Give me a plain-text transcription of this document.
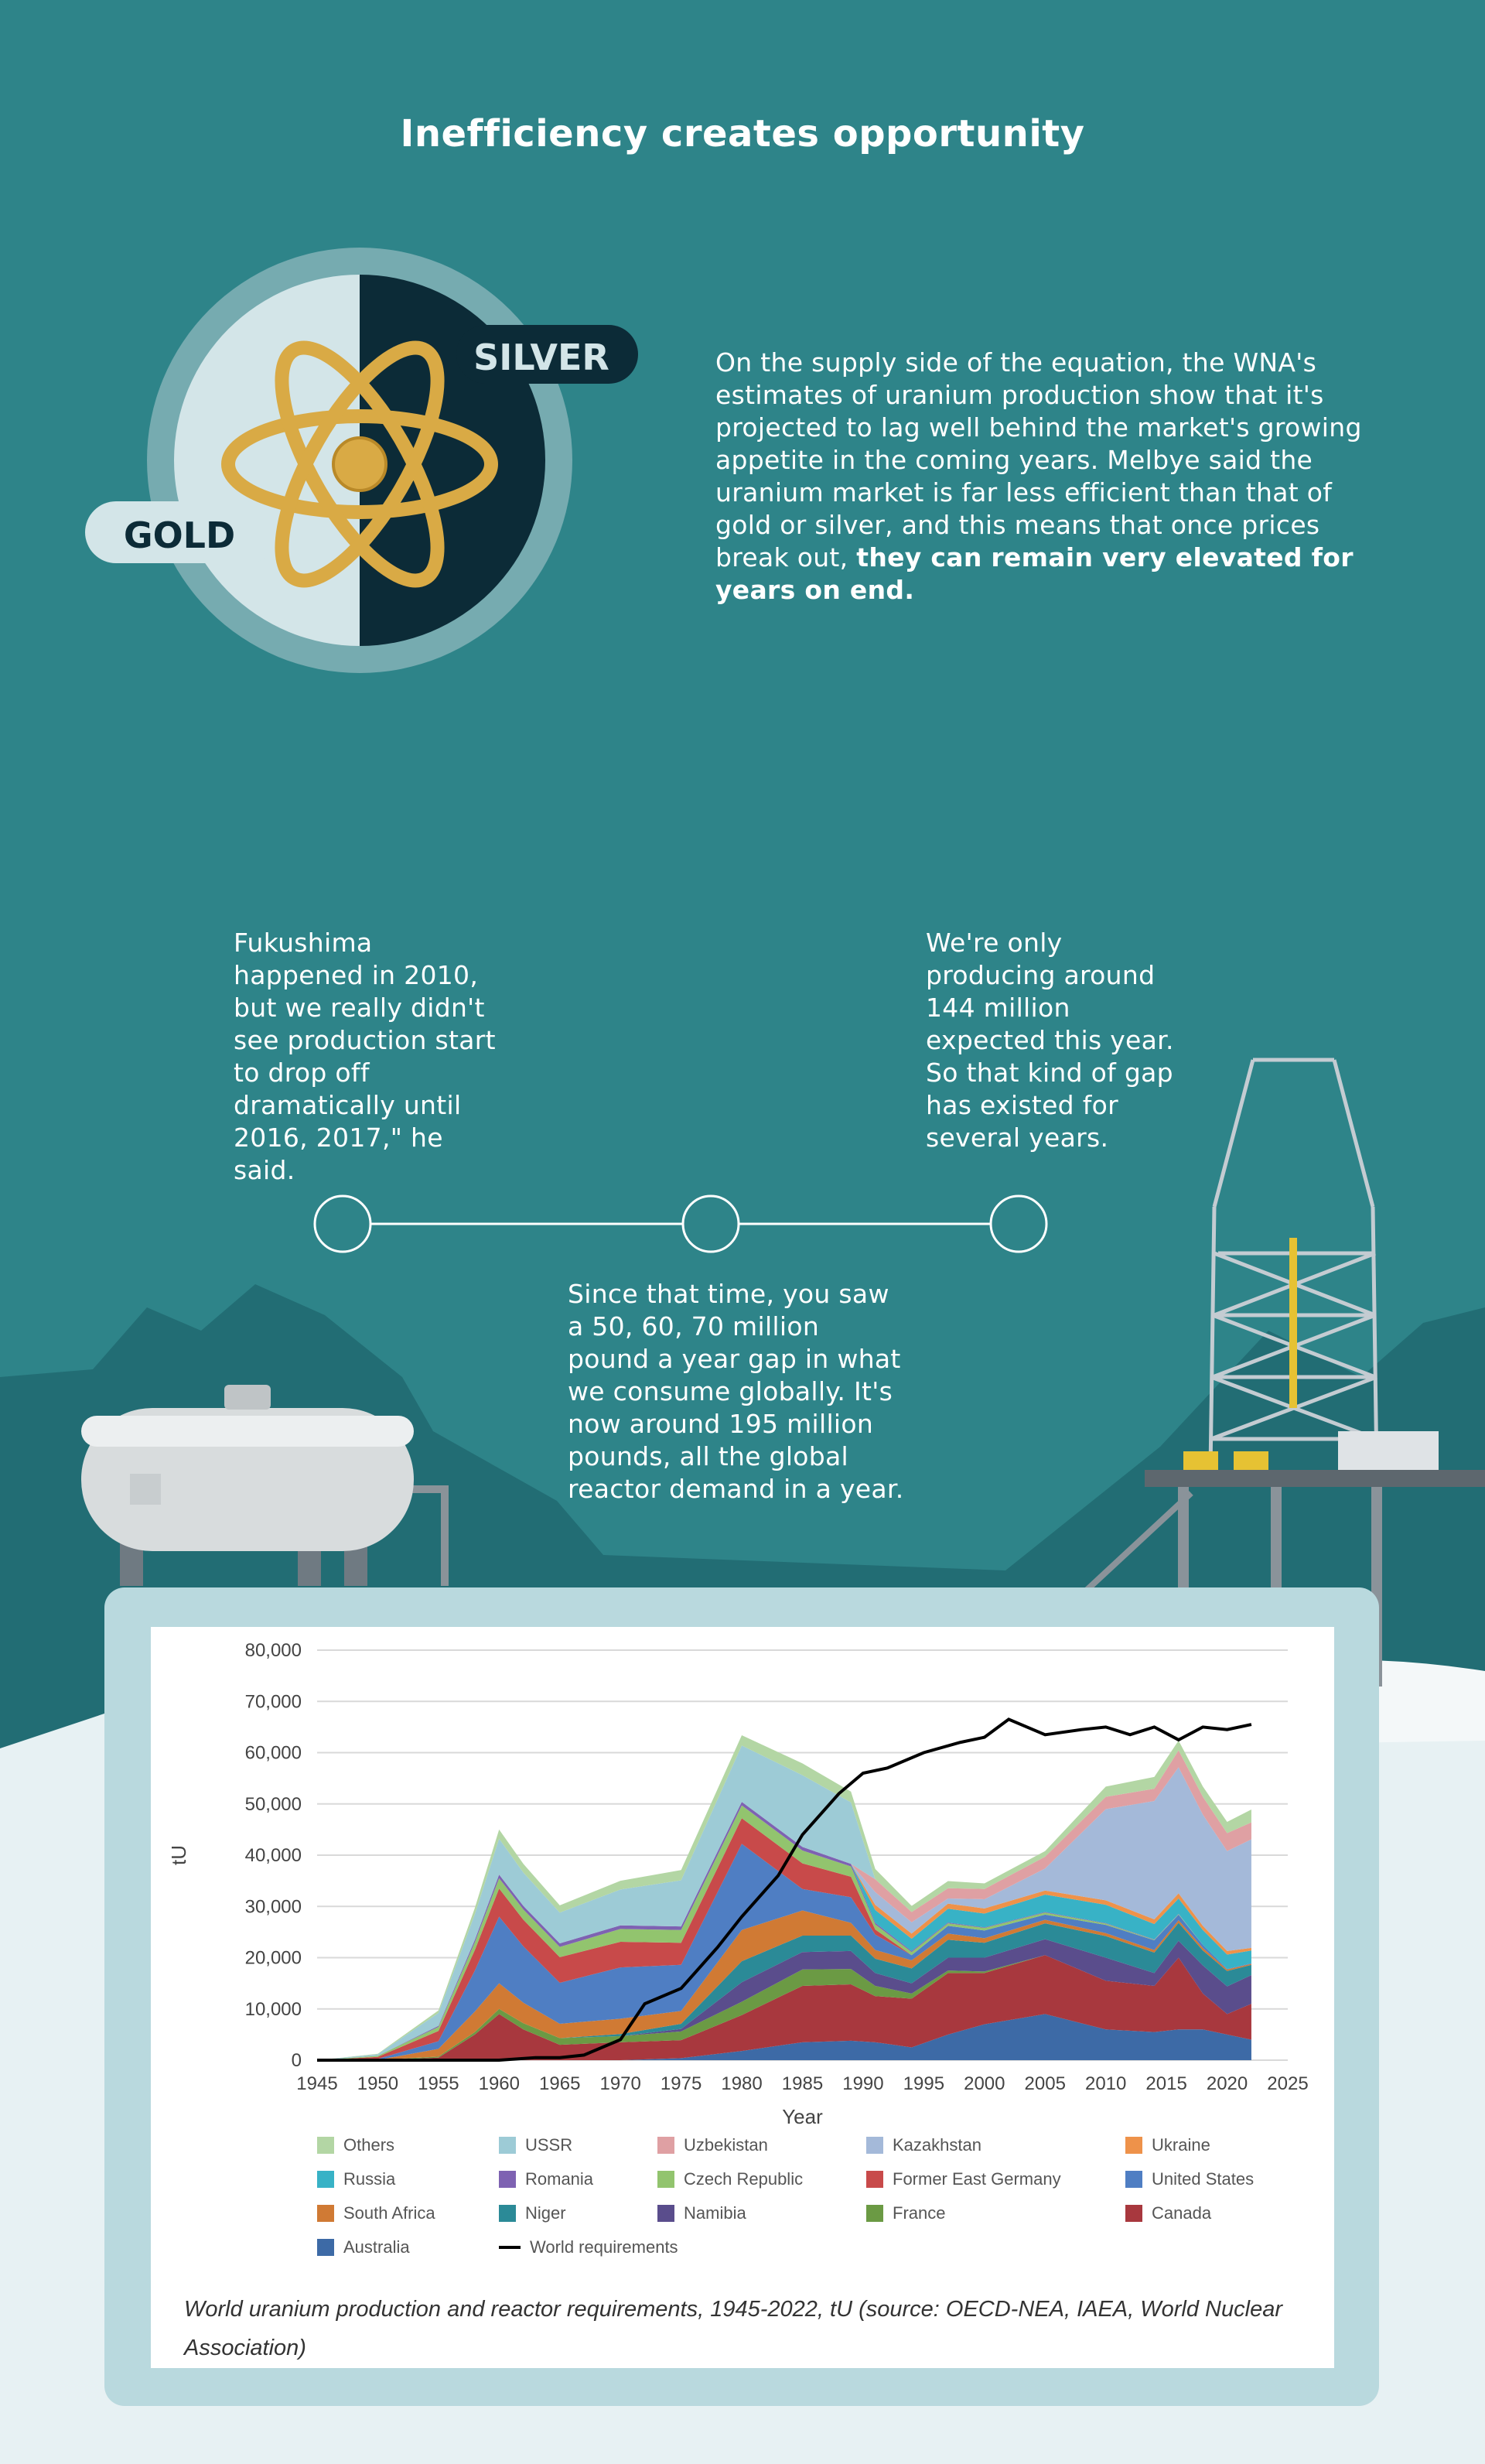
GOLD
SILVER
Inefficiency creates opportunity
On the supply side of the equation, the WNA's estimates of uranium production show that it's projected to lag well behind the market's growing appetite in the coming years. Melbye said the uranium market is far less efficient than that of gold or silver, and this means that once prices break out, they can remain very elevated for years on end.
Fukushima happened in 2010, but we really didn't see production start to drop off dramatically until 2016, 2017," he said.
We're only producing around 144 million expected this year. So that kind of gap has existed for several years.
Since that time, you saw a 50, 60, 70 million pound a year gap in what we consume globally. It's now around 195 million pounds, all the global reactor demand in a year.
0
10,000
20,000
30,000
40,000
50,000
60,000
70,000
80,000
1945 1950 1955 1960 1965 1970 1975 1980 1985 1990 1995 2000 2005 2010 2015 2020 2025
Year
tU
Others	USSR	Uzbekistan	Kazakhstan	Ukraine
Russia	Romania	Czech Republic	Former East Germany	United States
South Africa	Niger	Namibia	France	Canada
Australia	World requirements
World uranium production and reactor requirements, 1945-2022, tU (source: OECD-NEA, IAEA, World Nuclear Association)
